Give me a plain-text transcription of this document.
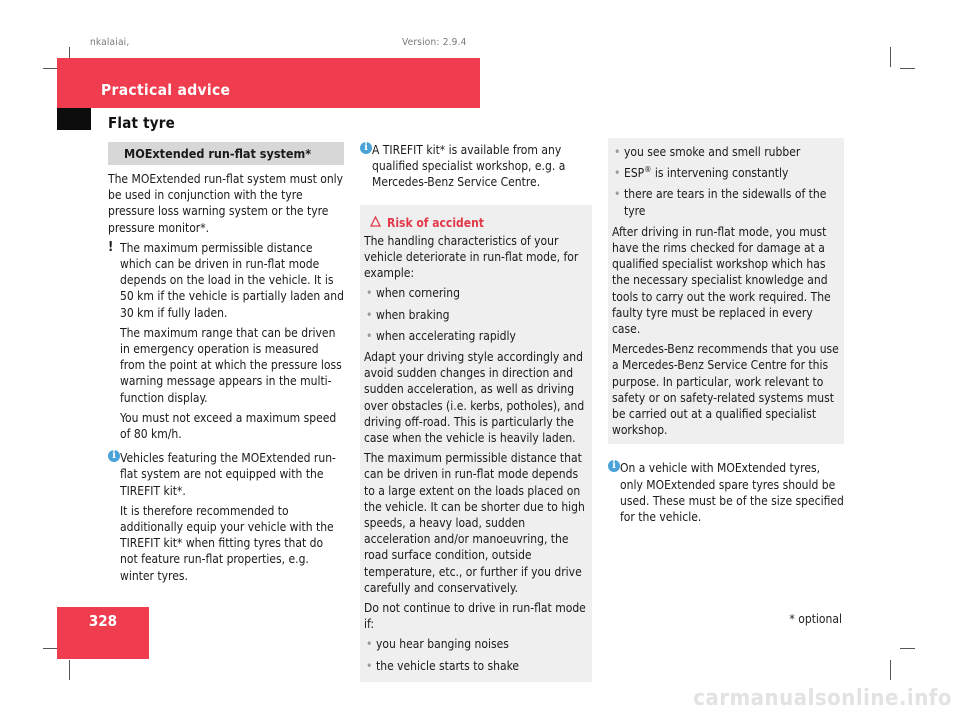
nkalaiai,	Version: 2.9.4
Practical advice
Flat tyre
MOExtended run-flat system*

The MOExtended run-flat system must only be used in conjunction with the tyre pressure loss warning system or the tyre pressure monitor*.

! The maximum permissible distance which can be driven in run-flat mode depends on the load in the vehicle. It is 50 km if the vehicle is partially laden and 30 km if fully laden.

The maximum range that can be driven in emergency operation is measured from the point at which the pressure loss warning message appears in the multi-function display.

You must not exceed a maximum speed of 80 km/h.

i Vehicles featuring the MOExtended run-flat system are not equipped with the TIREFIT kit*.

It is therefore recommended to additionally equip your vehicle with the TIREFIT kit* when fitting tyres that do not feature run-flat properties, e.g. winter tyres.

i A TIREFIT kit* is available from any qualified specialist workshop, e.g. a Mercedes-Benz Service Centre.

Risk of accident

The handling characteristics of your vehicle deteriorate in run-flat mode, for example:

• when cornering
• when braking
• when accelerating rapidly

Adapt your driving style accordingly and avoid sudden changes in direction and sudden acceleration, as well as driving over obstacles (i.e. kerbs, potholes), and driving off-road. This is particularly the case when the vehicle is heavily laden.

The maximum permissible distance that can be driven in run-flat mode depends to a large extent on the loads placed on the vehicle. It can be shorter due to high speeds, a heavy load, sudden acceleration and/or manoeuvring, the road surface condition, outside temperature, etc., or further if you drive carefully and conservatively.

Do not continue to drive in run-flat mode if:

• you hear banging noises
• the vehicle starts to shake
• you see smoke and smell rubber
• ESP® is intervening constantly
• there are tears in the sidewalls of the tyre

After driving in run-flat mode, you must have the rims checked for damage at a qualified specialist workshop which has the necessary specialist knowledge and tools to carry out the work required. The faulty tyre must be replaced in every case.

Mercedes-Benz recommends that you use a Mercedes-Benz Service Centre for this purpose. In particular, work relevant to safety or on safety-related systems must be carried out at a qualified specialist workshop.

i On a vehicle with MOExtended tyres, only MOExtended spare tyres should be used. These must be of the size specified for the vehicle.

328	* optional
carmanualsonline.info
